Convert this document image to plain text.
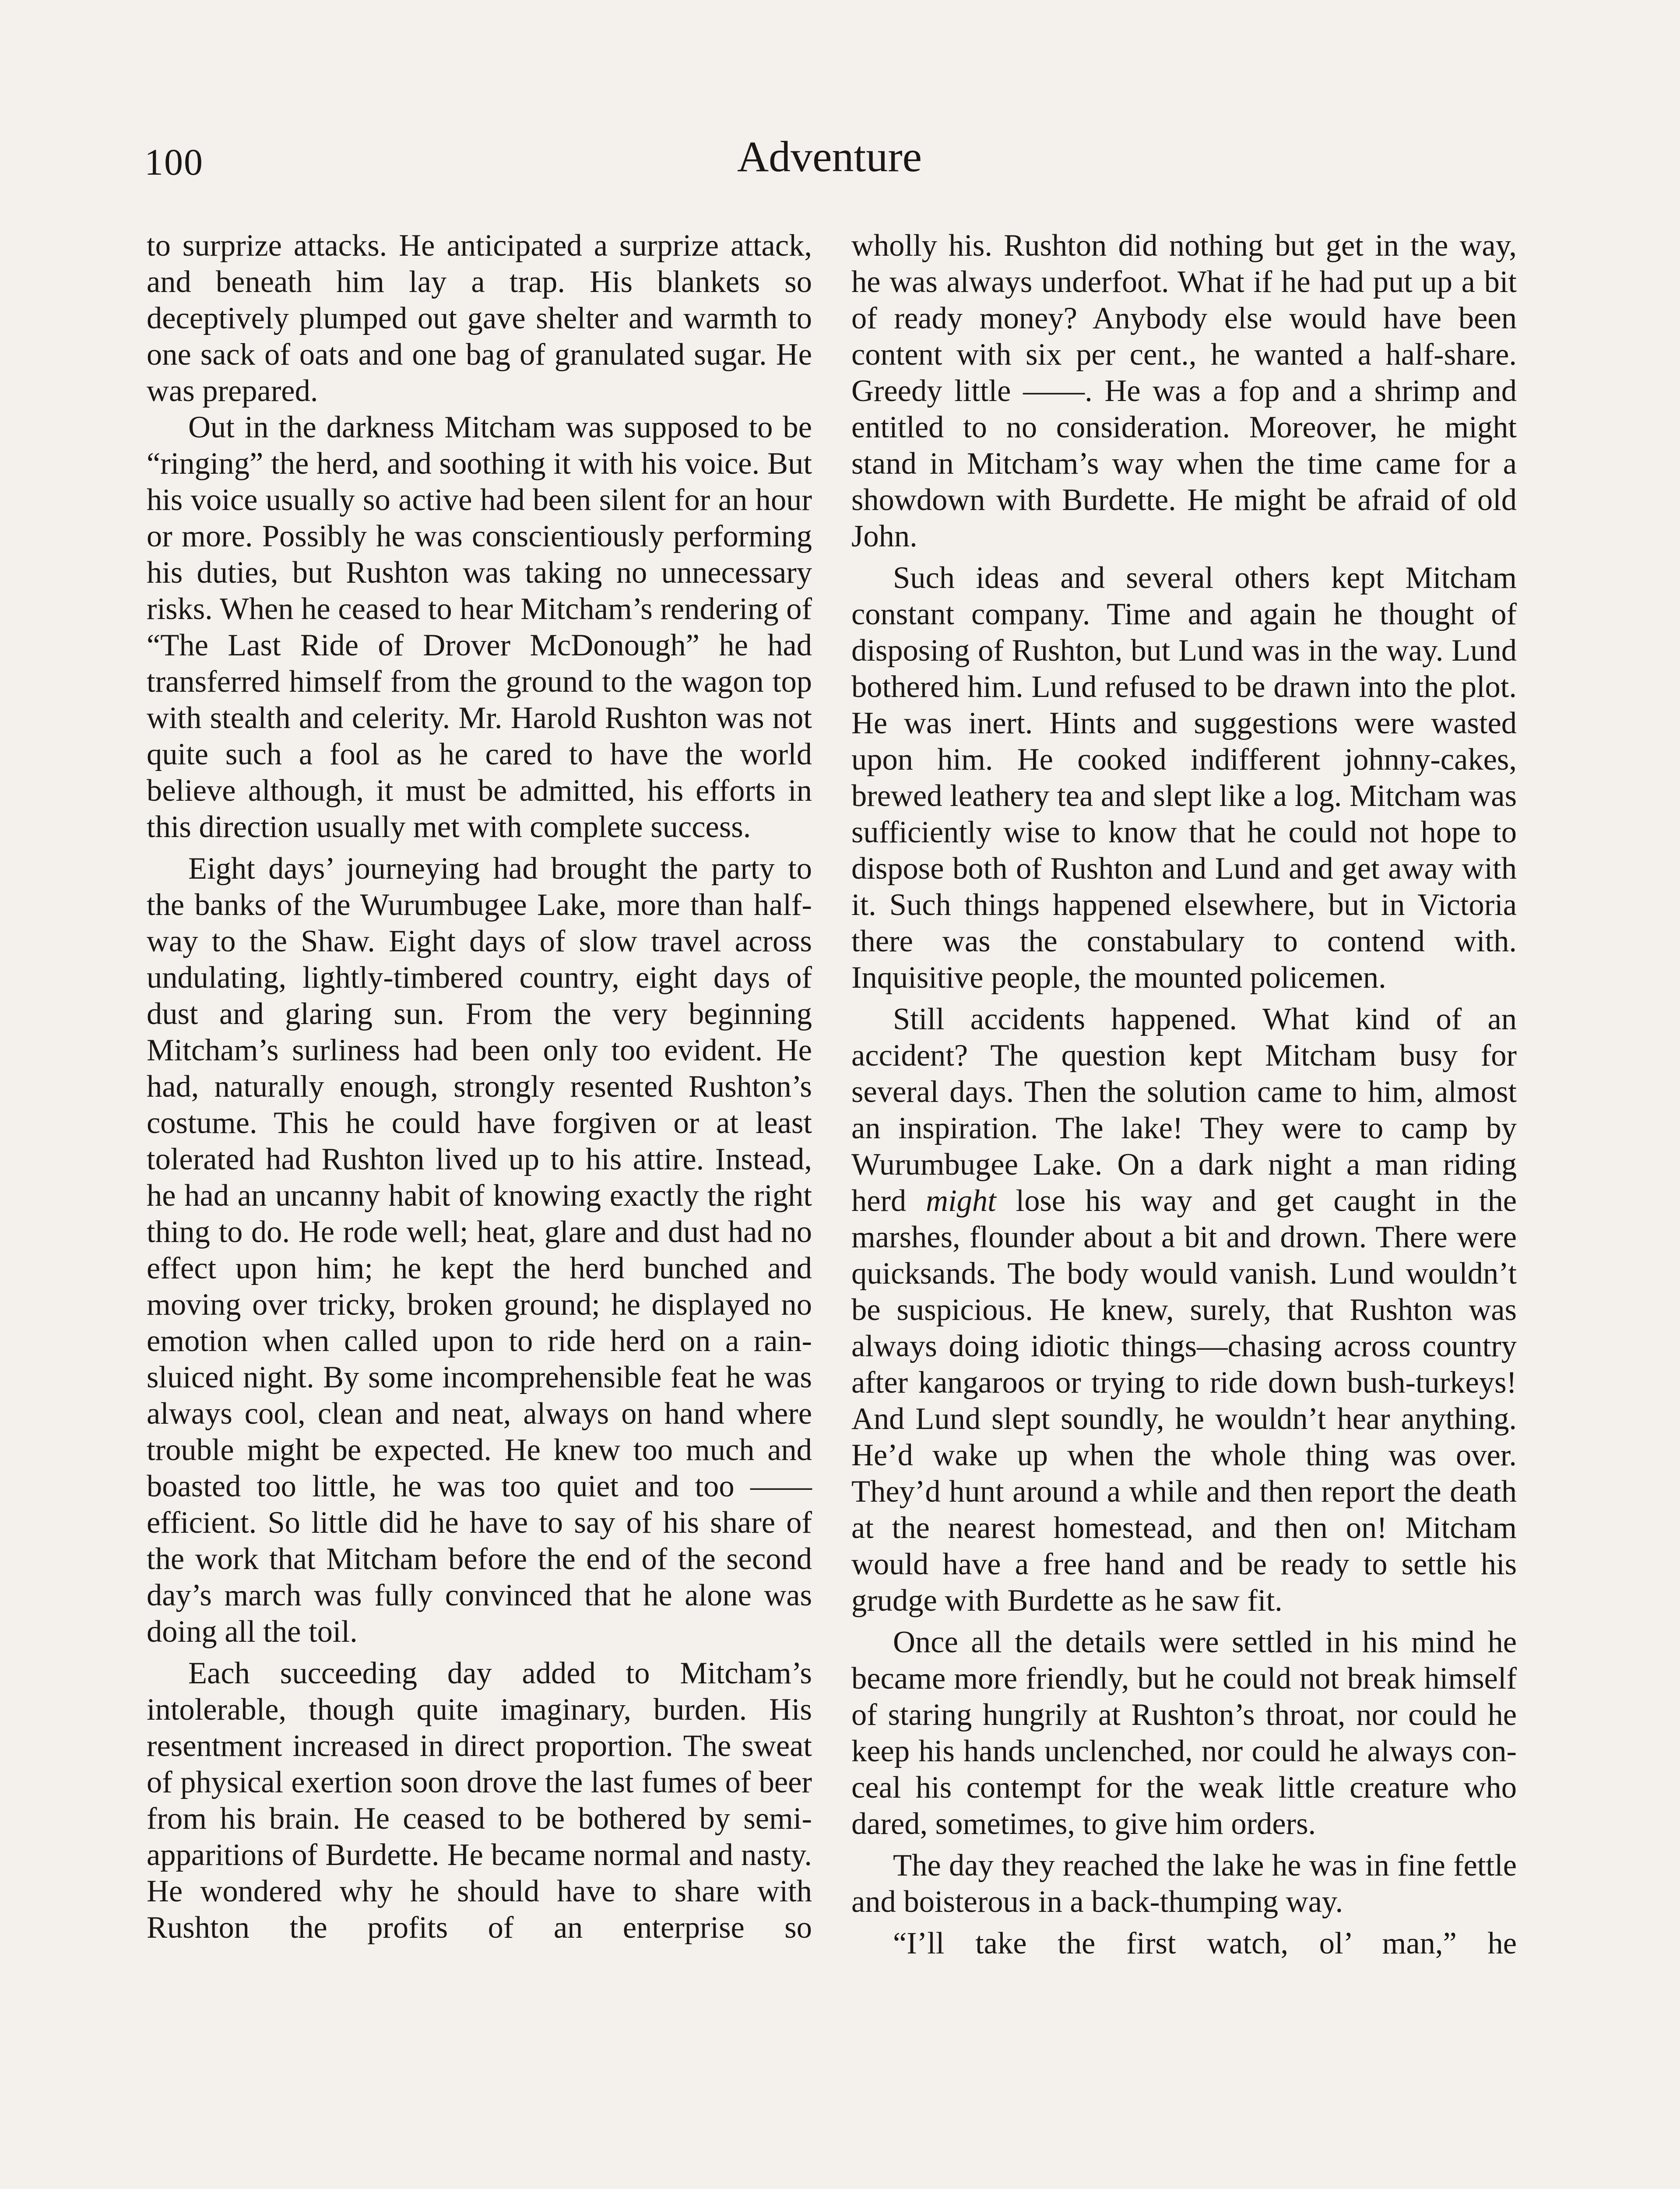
100	Adventure

to surprize attacks. He anticipated a surprize attack, and beneath him lay a trap. His blankets so deceptively plumped out gave shelter and warmth to one sack of oats and one bag of granulated sugar. He was prepared.

Out in the darkness Mitcham was supposed to be “ringing” the herd, and soothing it with his voice. But his voice usually so active had been silent for an hour or more. Possibly he was conscientiously performing his duties, but Rushton was taking no unnecessary risks. When he ceased to hear Mitcham’s rendering of “The Last Ride of Drover McDonough” he had transferred himself from the ground to the wagon top with stealth and celerity. Mr. Harold Rushton was not quite such a fool as he cared to have the world believe although, it must be admitted, his efforts in this direction usually met with complete success.

Eight days’ journeying had brought the party to the banks of the Wurumbugee Lake, more than half-way to the Shaw. Eight days of slow travel across undulating, lightly-timbered country, eight days of dust and glaring sun. From the very beginning Mitcham’s surliness had been only too evident. He had, naturally enough, strongly resented Rushton’s costume. This he could have forgiven or at least tolerated had Rushton lived up to his attire. Instead, he had an uncanny habit of knowing exactly the right thing to do. He rode well; heat, glare and dust had no effect upon him; he kept the herd bunched and moving over tricky, broken ground; he displayed no emotion when called upon to ride herd on a rain-sluiced night. By some incomprehensible feat he was always cool, clean and neat, always on hand where trouble might be expected. He knew too much and boasted too little, he was too quiet and too —— efficient. So little did he have to say of his share of the work that Mitcham before the end of the second day’s march was fully convinced that he alone was doing all the toil.

Each succeeding day added to Mitcham’s intolerable, though quite imaginary, burden. His resentment increased in direct proportion. The sweat of physical exertion soon drove the last fumes of beer from his brain. He ceased to be bothered by semi-apparitions of Burdette. He became normal and nasty. He wondered why he should have to share with Rushton the profits of an enterprise so

wholly his. Rushton did nothing but get in the way, he was always underfoot. What if he had put up a bit of ready money? Anybody else would have been content with six per cent., he wanted a half-share. Greedy little ——. He was a fop and a shrimp and entitled to no consideration. Moreover, he might stand in Mitcham’s way when the time came for a showdown with Burdette. He might be afraid of old John.

Such ideas and several others kept Mitcham constant company. Time and again he thought of disposing of Rushton, but Lund was in the way. Lund bothered him. Lund refused to be drawn into the plot. He was inert. Hints and suggestions were wasted upon him. He cooked indifferent johnny-cakes, brewed leathery tea and slept like a log. Mitcham was sufficiently wise to know that he could not hope to dispose both of Rushton and Lund and get away with it. Such things happened elsewhere, but in Victoria there was the constabulary to contend with. Inquisitive people, the mounted policemen.

Still accidents happened. What kind of an accident? The question kept Mitcham busy for several days. Then the solution came to him, almost an inspiration. The lake! They were to camp by Wurumbugee Lake. On a dark night a man riding herd might lose his way and get caught in the marshes, flounder about a bit and drown. There were quicksands. The body would vanish. Lund wouldn’t be suspicious. He knew, surely, that Rushton was always doing idiotic things—chasing across country after kangaroos or trying to ride down bush-turkeys! And Lund slept soundly, he wouldn’t hear anything. He’d wake up when the whole thing was over. They’d hunt around a while and then report the death at the nearest homestead, and then on! Mitcham would have a free hand and be ready to settle his grudge with Burdette as he saw fit.

Once all the details were settled in his mind he became more friendly, but he could not break himself of staring hungrily at Rushton’s throat, nor could he keep his hands unclenched, nor could he always conceal his contempt for the weak little creature who dared, sometimes, to give him orders.

The day they reached the lake he was in fine fettle and boisterous in a back-thumping way.

“I’ll take the first watch, ol’ man,” he
